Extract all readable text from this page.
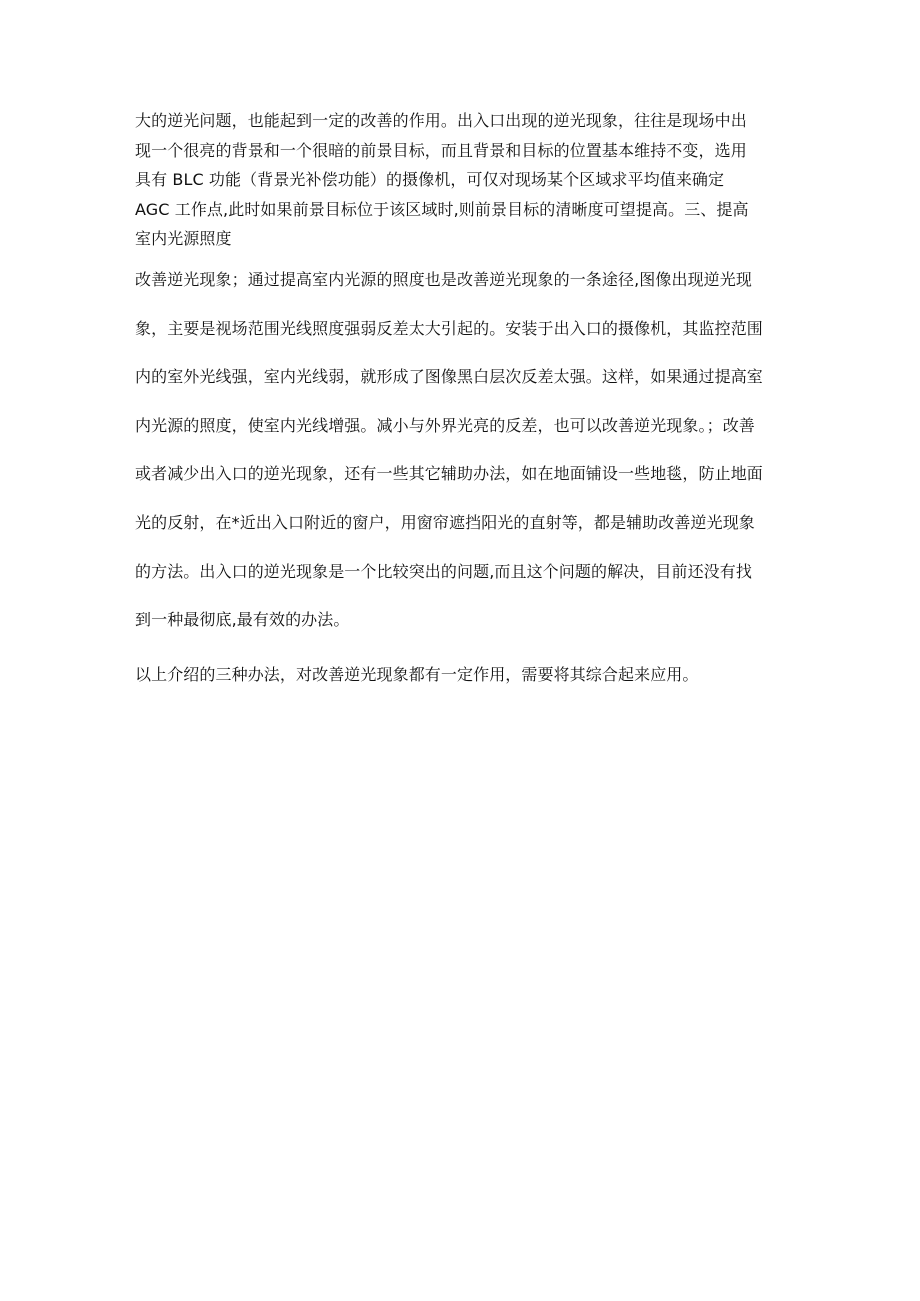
大的逆光问题，也能起到一定的改善的作用。出入口出现的逆光现象，往往是现场中出
现一个很亮的背景和一个很暗的前景目标，而且背景和目标的位置基本维持不变，选用
具有 BLC 功能（背景光补偿功能）的摄像机，可仅对现场某个区域求平均值来确定
AGC 工作点,此时如果前景目标位于该区域时,则前景目标的清晰度可望提高。三、提高
室内光源照度
改善逆光现象；通过提高室内光源的照度也是改善逆光现象的一条途径,图像出现逆光现
象，主要是视场范围光线照度强弱反差太大引起的。安装于出入口的摄像机，其监控范围
内的室外光线强，室内光线弱，就形成了图像黑白层次反差太强。这样，如果通过提高室
内光源的照度，使室内光线增强。减小与外界光亮的反差，也可以改善逆光现象。；改善
或者减少出入口的逆光现象，还有一些其它辅助办法，如在地面铺设一些地毯，防止地面
光的反射，在*近出入口附近的窗户，用窗帘遮挡阳光的直射等，都是辅助改善逆光现象
的方法。出入口的逆光现象是一个比较突出的问题,而且这个问题的解决，目前还没有找
到一种最彻底,最有效的办法。
以上介绍的三种办法，对改善逆光现象都有一定作用，需要将其综合起来应用。
